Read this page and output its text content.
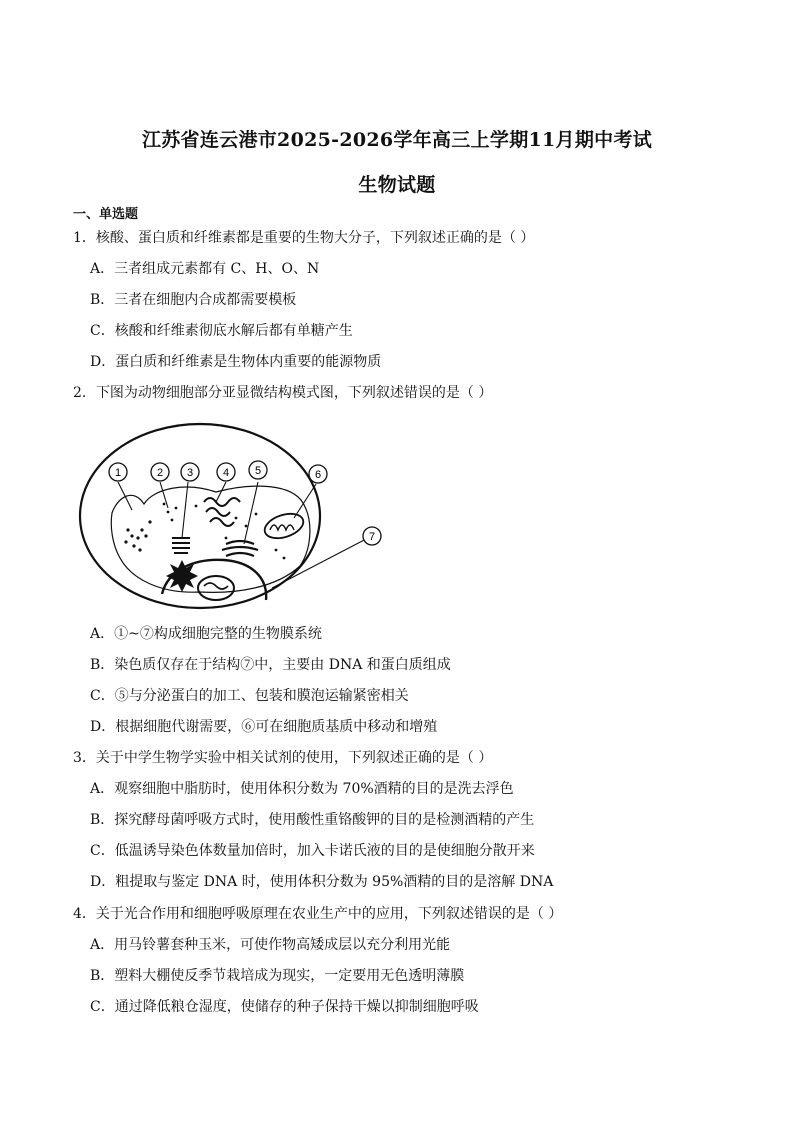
江苏省连云港市2025-2026学年高三上学期11月期中考试
生物试题
一、单选题
1．核酸、蛋白质和纤维素都是重要的生物大分子，下列叙述正确的是（ ）
A．三者组成元素都有 C、H、O、N
B．三者在细胞内合成都需要模板
C．核酸和纤维素彻底水解后都有单糖产生
D．蛋白质和纤维素是生物体内重要的能源物质
2．下图为动物细胞部分亚显微结构模式图，下列叙述错误的是（ ）
1	2 3	4 5	6
7
A．①~⑦构成细胞完整的生物膜系统
B．染色质仅存在于结构⑦中，主要由 DNA 和蛋白质组成
C．⑤与分泌蛋白的加工、包装和膜泡运输紧密相关
D．根据细胞代谢需要，⑥可在细胞质基质中移动和增殖
3．关于中学生物学实验中相关试剂的使用，下列叙述正确的是（ ）
A．观察细胞中脂肪时，使用体积分数为 70%酒精的目的是洗去浮色
B．探究酵母菌呼吸方式时，使用酸性重铬酸钾的目的是检测酒精的产生
C．低温诱导染色体数量加倍时，加入卡诺氏液的目的是使细胞分散开来
D．粗提取与鉴定 DNA 时，使用体积分数为 95%酒精的目的是溶解 DNA
4．关于光合作用和细胞呼吸原理在农业生产中的应用，下列叙述错误的是（ ）
A．用马铃薯套种玉米，可使作物高矮成层以充分利用光能
B．塑料大棚使反季节栽培成为现实，一定要用无色透明薄膜
C．通过降低粮仓湿度，使储存的种子保持干燥以抑制细胞呼吸
